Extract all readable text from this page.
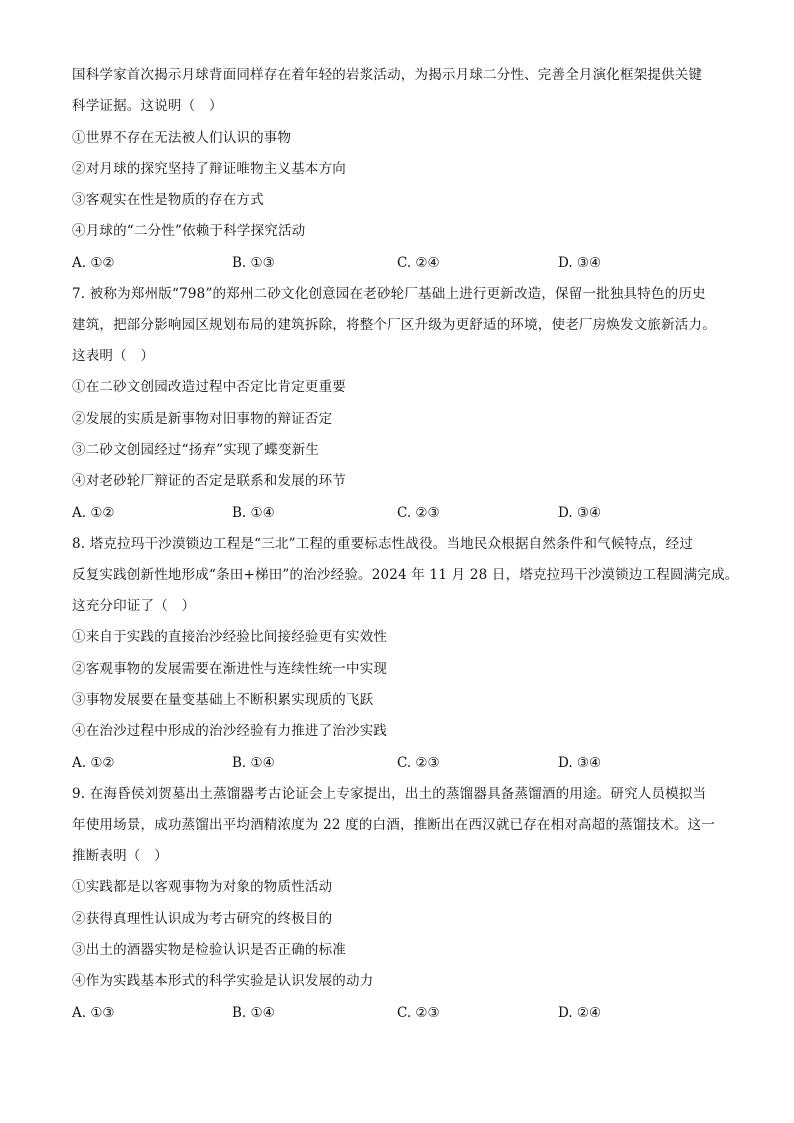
国科学家首次揭示月球背面同样存在着年轻的岩浆活动，为揭示月球二分性、完善全月演化框架提供关键
科学证据。这说明（　）
①世界不存在无法被人们认识的事物
②对月球的探究坚持了辩证唯物主义基本方向
③客观实在性是物质的存在方式
④月球的“二分性”依赖于科学探究活动
A. ①②	B. ①③	C. ②④	D. ③④
7. 被称为郑州版“798”的郑州二砂文化创意园在老砂轮厂基础上进行更新改造，保留一批独具特色的历史
建筑，把部分影响园区规划布局的建筑拆除，将整个厂区升级为更舒适的环境，使老厂房焕发文旅新活力。
这表明（　）
①在二砂文创园改造过程中否定比肯定更重要
②发展的实质是新事物对旧事物的辩证否定
③二砂文创园经过“扬弃”实现了蝶变新生
④对老砂轮厂辩证的否定是联系和发展的环节
A. ①②	B. ①④	C. ②③	D. ③④
8. 塔克拉玛干沙漠锁边工程是“三北”工程的重要标志性战役。当地民众根据自然条件和气候特点，经过
反复实践创新性地形成“条田+梯田”的治沙经验。2024 年 11 月 28 日，塔克拉玛干沙漠锁边工程圆满完成。
这充分印证了（　）
①来自于实践的直接治沙经验比间接经验更有实效性
②客观事物的发展需要在渐进性与连续性统一中实现
③事物发展要在量变基础上不断积累实现质的飞跃
④在治沙过程中形成的治沙经验有力推进了治沙实践
A. ①②	B. ①④	C. ②③	D. ③④
9. 在海昏侯刘贺墓出土蒸馏器考古论证会上专家提出，出土的蒸馏器具备蒸馏酒的用途。研究人员模拟当
年使用场景，成功蒸馏出平均酒精浓度为 22 度的白酒，推断出在西汉就已存在相对高超的蒸馏技术。这一
推断表明（　）
①实践都是以客观事物为对象的物质性活动
②获得真理性认识成为考古研究的终极目的
③出土的酒器实物是检验认识是否正确的标准
④作为实践基本形式的科学实验是认识发展的动力
A. ①③	B. ①④	C. ②③	D. ②④
